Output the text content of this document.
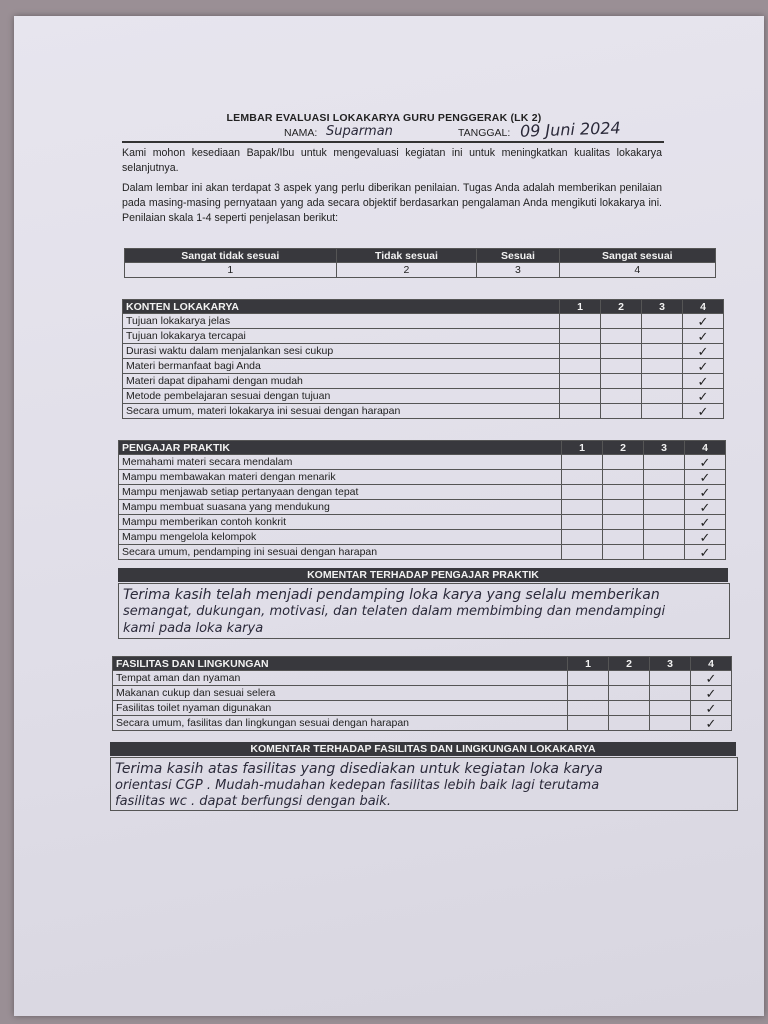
LEMBAR EVALUASI LOKAKARYA GURU PENGGERAK (LK 2)
NAMA: Suparman	TANGGAL: 09 Juni 2024
Kami mohon kesediaan Bapak/Ibu untuk mengevaluasi kegiatan ini untuk meningkatkan kualitas lokakarya selanjutnya.
Dalam lembar ini akan terdapat 3 aspek yang perlu diberikan penilaian. Tugas Anda adalah memberikan penilaian pada masing-masing pernyataan yang ada secara objektif berdasarkan pengalaman Anda mengikuti lokakarya ini. Penilaian skala 1-4 seperti penjelasan berikut:
Sangat tidak sesuai	Tidak sesuai	Sesuai	Sangat sesuai
1	2	3	4
KONTEN LOKAKARYA	1	2	3	4
Tujuan lokakarya jelas				✓
Tujuan lokakarya tercapai				✓
Durasi waktu dalam menjalankan sesi cukup				✓
Materi bermanfaat bagi Anda				✓
Materi dapat dipahami dengan mudah				✓
Metode pembelajaran sesuai dengan tujuan				✓
Secara umum, materi lokakarya ini sesuai dengan harapan				✓
PENGAJAR PRAKTIK	1	2	3	4
Memahami materi secara mendalam				✓
Mampu membawakan materi dengan menarik				✓
Mampu menjawab setiap pertanyaan dengan tepat				✓
Mampu membuat suasana yang mendukung				✓
Mampu memberikan contoh konkrit				✓
Mampu mengelola kelompok				✓
Secara umum, pendamping ini sesuai dengan harapan				✓
KOMENTAR TERHADAP PENGAJAR PRAKTIK
Terima kasih telah menjadi pendamping loka karya yang selalu memberikan
semangat, dukungan, motivasi, dan telaten dalam membimbing dan mendampingi
kami pada loka karya
FASILITAS DAN LINGKUNGAN	1	2	3	4
Tempat aman dan nyaman				✓
Makanan cukup dan sesuai selera				✓
Fasilitas toilet nyaman digunakan				✓
Secara umum, fasilitas dan lingkungan sesuai dengan harapan				✓
KOMENTAR TERHADAP FASILITAS DAN LINGKUNGAN LOKAKARYA
Terima kasih atas fasilitas yang disediakan untuk kegiatan loka karya
orientasi CGP . Mudah-mudahan kedepan fasilitas lebih baik lagi terutama
fasilitas wc . dapat berfungsi dengan baik.
